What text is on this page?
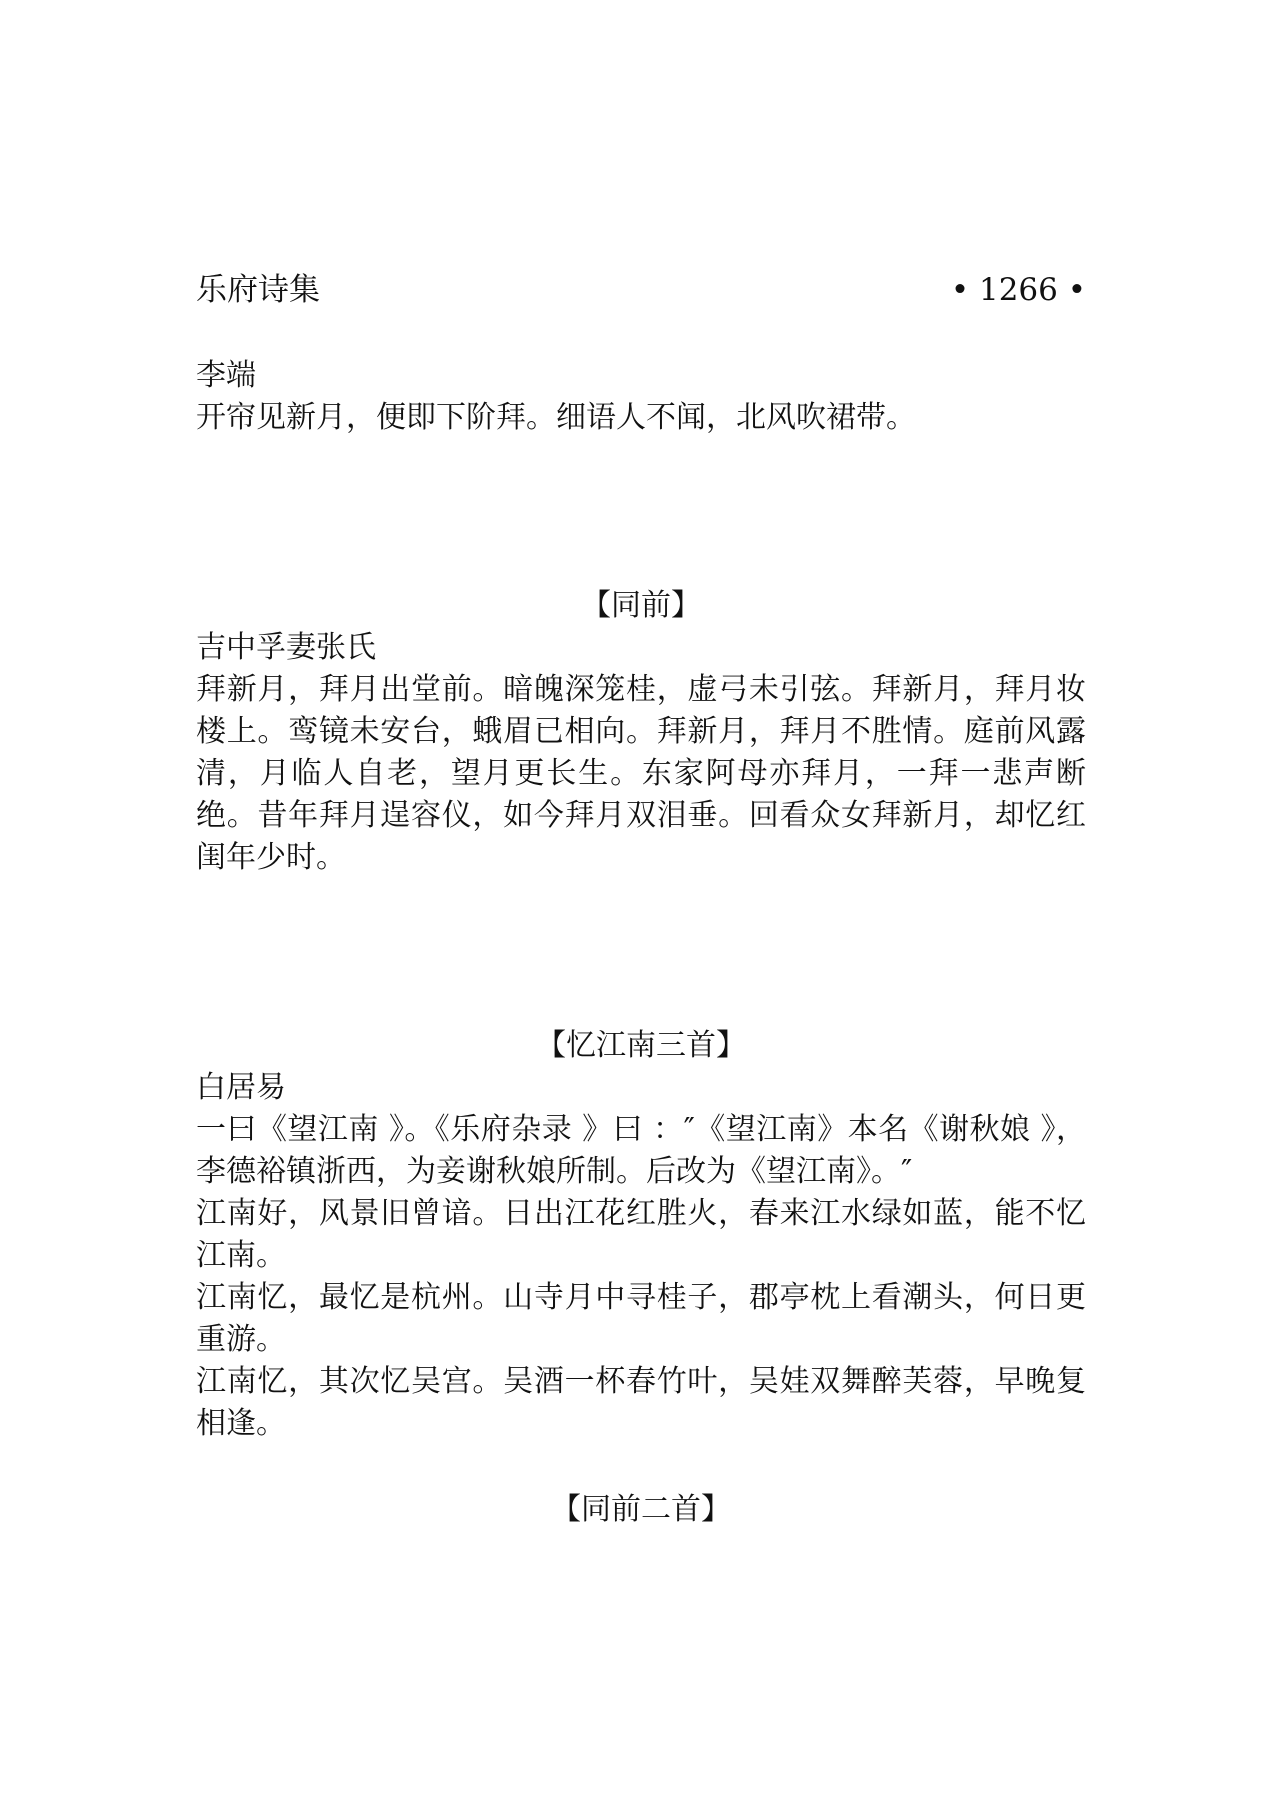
乐府诗集	• 1266 •

李端

开帘见新月，便即下阶拜。细语人不闻，北风吹裙带。

【同前】

吉中孚妻张氏

拜新月，拜月出堂前。暗魄深笼桂，虚弓未引弦。拜新月，拜月妆楼上。鸾镜未安台，蛾眉已相向。拜新月，拜月不胜情。庭前风露清，月临人自老，望月更长生。东家阿母亦拜月，一拜一悲声断绝。昔年拜月逞容仪，如今拜月双泪垂。回看众女拜新月，却忆红闺年少时。

【忆江南三首】

白居易

一曰《望江南 》。《乐府杂录 》曰 ：″《望江南》本名《谢秋娘 》，李德裕镇浙西，为妾谢秋娘所制。后改为《望江南》。″

江南好，风景旧曾谙。日出江花红胜火，春来江水绿如蓝，能不忆江南。

江南忆，最忆是杭州。山寺月中寻桂子，郡亭枕上看潮头，何日更重游。

江南忆，其次忆吴宫。吴酒一杯春竹叶，吴娃双舞醉芙蓉，早晚复相逢。

【同前二首】
